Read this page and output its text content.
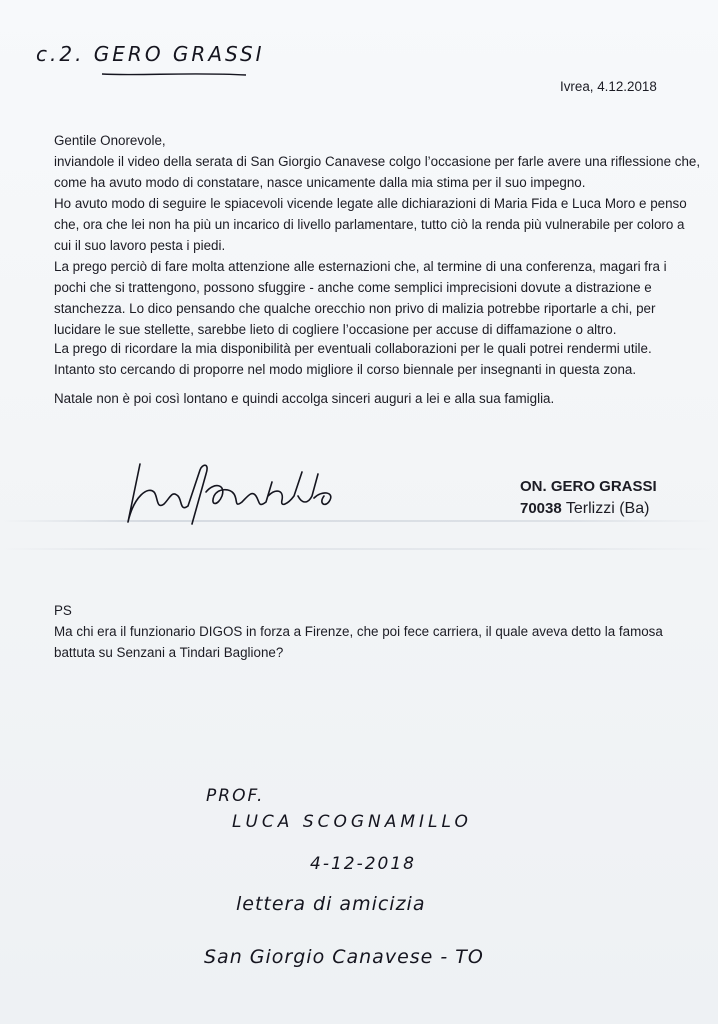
c.2. GERO GRASSI
Ivrea, 4.12.2018
Gentile Onorevole,
inviandole il video della serata di San Giorgio Canavese colgo l’occasione per farle avere una riflessione che,
come ha avuto modo di constatare, nasce unicamente dalla mia stima per il suo impegno.
Ho avuto modo di seguire le spiacevoli vicende legate alle dichiarazioni di Maria Fida e Luca Moro e penso
che, ora che lei non ha più un incarico di livello parlamentare, tutto ciò la renda più vulnerabile per coloro a
cui il suo lavoro pesta i piedi.
La prego perciò di fare molta attenzione alle esternazioni che, al termine di una conferenza, magari fra i
pochi che si trattengono, possono sfuggire - anche come semplici imprecisioni dovute a distrazione e
stanchezza. Lo dico pensando che qualche orecchio non privo di malizia potrebbe riportarle a chi, per
lucidare le sue stellette, sarebbe lieto di cogliere l’occasione per accuse di diffamazione o altro.
La prego di ricordare la mia disponibilità per eventuali collaborazioni per le quali potrei rendermi utile.
Intanto sto cercando di proporre nel modo migliore il corso biennale per insegnanti in questa zona.
Natale non è poi così lontano e quindi accolga sinceri auguri a lei e alla sua famiglia.
ON. GERO GRASSI
70038 Terlizzi (Ba)
PS
Ma chi era il funzionario DIGOS in forza a Firenze, che poi fece carriera, il quale aveva detto la famosa
battuta su Senzani a Tindari Baglione?
PROF.
LUCA SCOGNAMILLO
4-12-2018
lettera di amicizia
San Giorgio Canavese - TO
